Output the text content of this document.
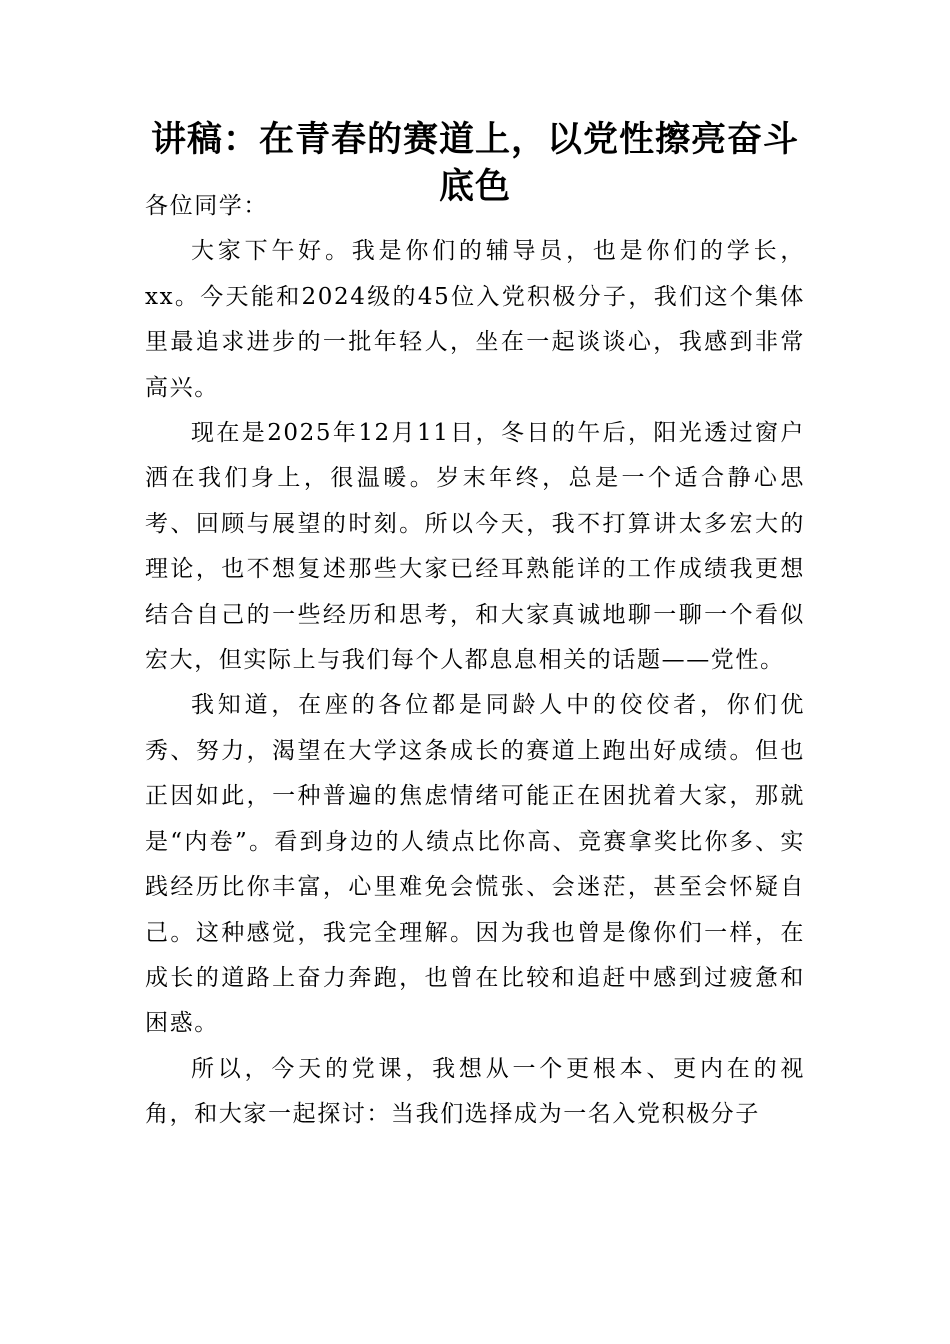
讲稿：在青春的赛道上，以党性擦亮奋斗底色

各位同学：

大家下午好。我是你们的辅导员，也是你们的学长，xx。今天能和2024级的45位入党积极分子，我们这个集体里最追求进步的一批年轻人，坐在一起谈谈心，我感到非常高兴。

现在是2025年12月11日，冬日的午后，阳光透过窗户洒在我们身上，很温暖。岁末年终，总是一个适合静心思考、回顾与展望的时刻。所以今天，我不打算讲太多宏大的理论，也不想复述那些大家已经耳熟能详的工作成绩我更想结合自己的一些经历和思考，和大家真诚地聊一聊一个看似宏大，但实际上与我们每个人都息息相关的话题——党性。

我知道，在座的各位都是同龄人中的佼佼者，你们优秀、努力，渴望在大学这条成长的赛道上跑出好成绩。但也正因如此，一种普遍的焦虑情绪可能正在困扰着大家，那就是“内卷”。看到身边的人绩点比你高、竞赛拿奖比你多、实践经历比你丰富，心里难免会慌张、会迷茫，甚至会怀疑自己。这种感觉，我完全理解。因为我也曾是像你们一样，在成长的道路上奋力奔跑，也曾在比较和追赶中感到过疲惫和困惑。

所以，今天的党课，我想从一个更根本、更内在的视角，和大家一起探讨：当我们选择成为一名入党积极分子
